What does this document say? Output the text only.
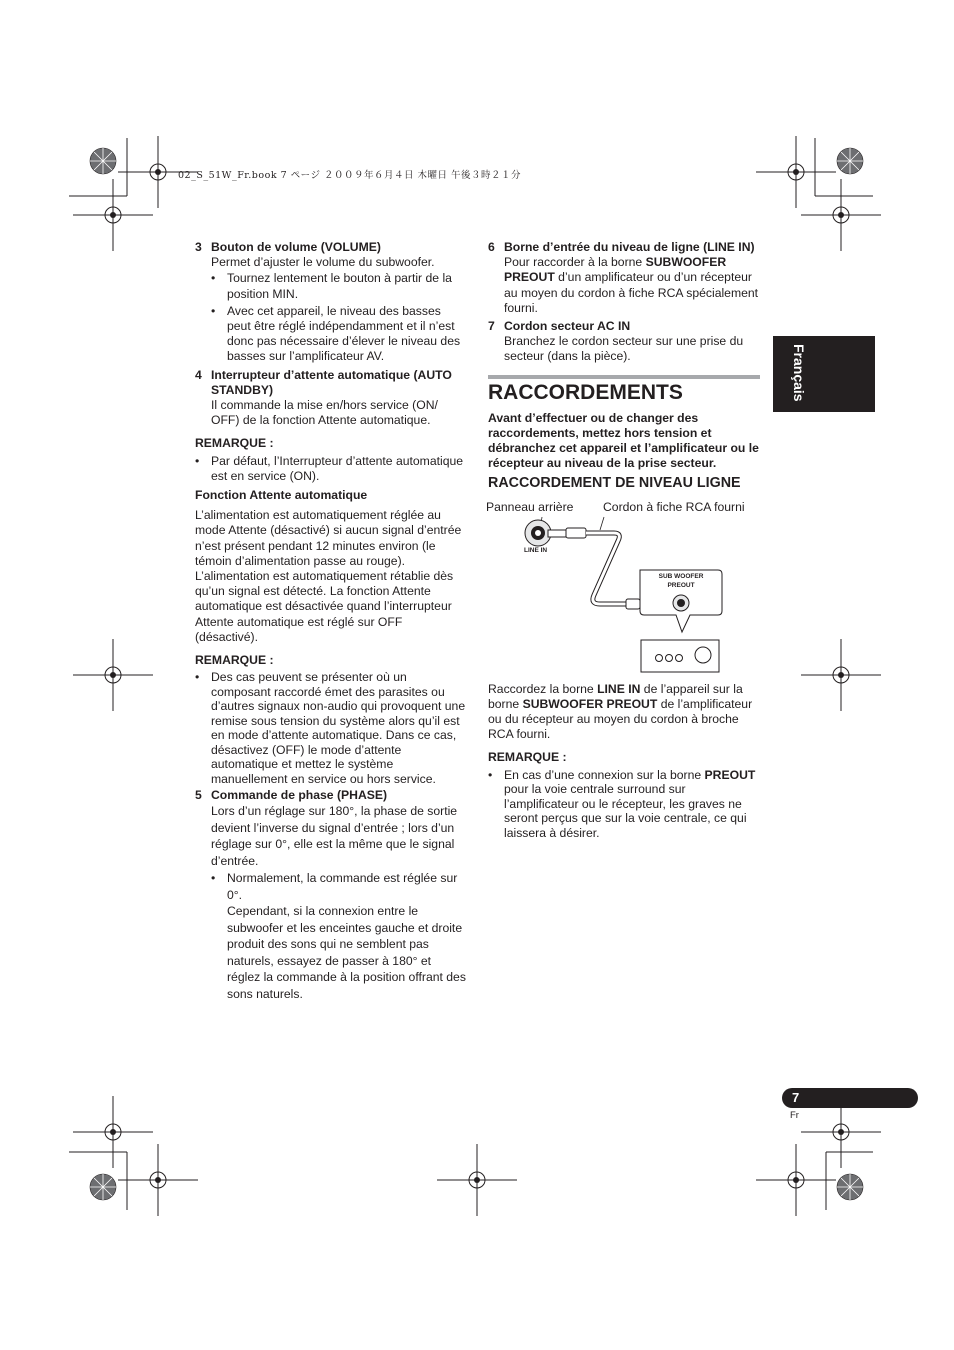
02_S_51W_Fr.book 7 ページ ２００９年６月４日 木曜日 午後３時２１分
3 Bouton de volume (VOLUME)
Permet d’ajuster le volume du subwoofer.
• Tournez lentement le bouton à partir de la position MIN.
• Avec cet appareil, le niveau des basses peut être réglé indépendamment et il n’est donc pas nécessaire d’élever le niveau des basses sur l’amplificateur AV.
4 Interrupteur d’attente automatique (AUTO STANDBY)
Il commande la mise en/hors service (ON/ OFF) de la fonction Attente automatique.
REMARQUE :
• Par défaut, l’Interrupteur d’attente automatique est en service (ON).
Fonction Attente automatique

L’alimentation est automatiquement réglée au mode Attente (désactivé) si aucun signal d’entrée n’est présent pendant 12 minutes environ (le témoin d’alimentation passe au rouge). L’alimentation est automatiquement rétablie dès qu’un signal est détecté. La fonction Attente automatique est désactivée quand l’interrupteur Attente automatique est réglé sur OFF (désactivé).

REMARQUE :
• Des cas peuvent se présenter où un composant raccordé émet des parasites ou d’autres signaux non-audio qui provoquent une remise sous tension du système alors qu’il est en mode d’attente automatique. Dans ce cas, désactivez (OFF) le mode d’attente automatique et mettez le système manuellement en service ou hors service.
5 Commande de phase (PHASE)
Lors d’un réglage sur 180°, la phase de sortie devient l’inverse du signal d’entrée ; lors d’un réglage sur 0°, elle est la même que le signal d’entrée.
• Normalement, la commande est réglée sur 0°.
Cependant, si la connexion entre le subwoofer et les enceintes gauche et droite produit des sons qui ne semblent pas naturels, essayez de passer à 180° et réglez la commande à la position offrant des sons naturels.
6 Borne d’entrée du niveau de ligne (LINE IN)
Pour raccorder à la borne SUBWOOFER PREOUT d’un amplificateur ou d’un récepteur au moyen du cordon à fiche RCA spécialement fourni.
7 Cordon secteur AC IN
Branchez le cordon secteur sur une prise du secteur (dans la pièce).
RACCORDEMENTS
Avant d’effectuer ou de changer des raccordements, mettez hors tension et débranchez cet appareil et l’amplificateur ou le récepteur au niveau de la prise secteur.
RACCORDEMENT DE NIVEAU LIGNE
Panneau arrière Cordon à fiche RCA fourni
LINE IN
SUB WOOFER
PREOUT

Raccordez la borne LINE IN de l’appareil sur la borne SUBWOOFER PREOUT de l’amplificateur ou du récepteur au moyen du cordon à broche RCA fourni.

REMARQUE :
• En cas d’une connexion sur la borne PREOUT pour la voie centrale surround sur l’amplificateur ou le récepteur, les graves ne seront perçus que sur la voie centrale, ce qui laissera à désirer.
Français
7
Fr
